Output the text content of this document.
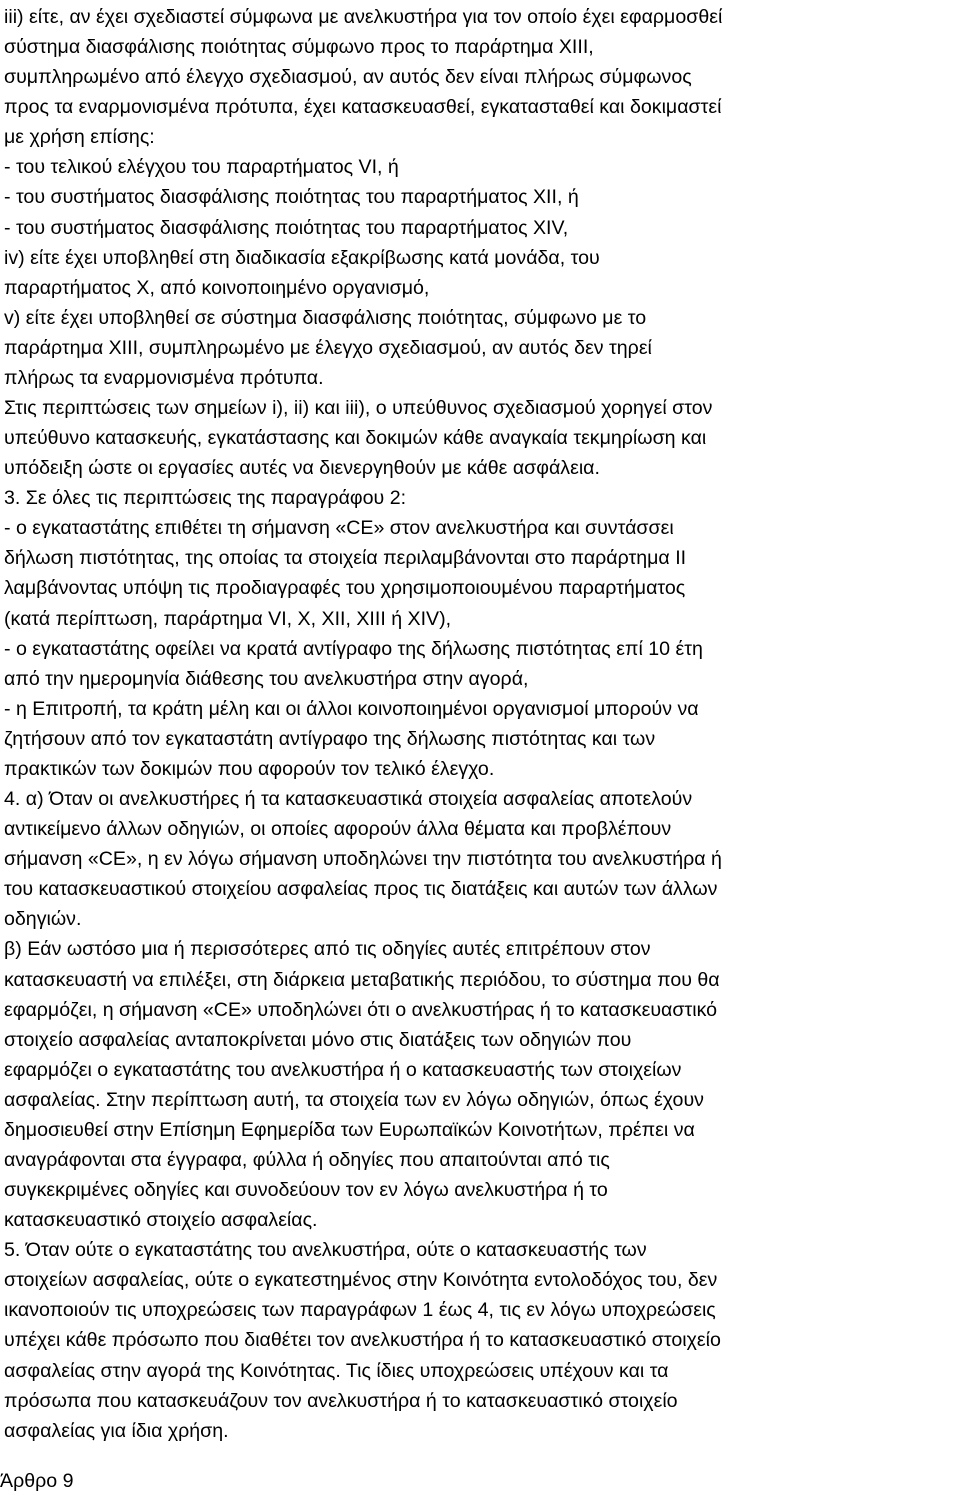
iii) είτε, αν έχει σχεδιαστεί σύμφωνα με ανελκυστήρα για τον οποίο έχει εφαρμοσθεί
σύστημα διασφάλισης ποιότητας σύμφωνο προς το παράρτημα XIII,
συμπληρωμένο από έλεγχο σχεδιασμού, αν αυτός δεν είναι πλήρως σύμφωνος
προς τα εναρμονισμένα πρότυπα, έχει κατασκευασθεί, εγκατασταθεί και δοκιμαστεί
με χρήση επίσης:
- του τελικού ελέγχου του παραρτήματος VI, ή
- του συστήματος διασφάλισης ποιότητας του παραρτήματος XII, ή
- του συστήματος διασφάλισης ποιότητας του παραρτήματος XIV,
iv) είτε έχει υποβληθεί στη διαδικασία εξακρίβωσης κατά μονάδα, του
παραρτήματος X, από κοινοποιημένο οργανισμό,
v) είτε έχει υποβληθεί σε σύστημα διασφάλισης ποιότητας, σύμφωνο με το
παράρτημα XIII, συμπληρωμένο με έλεγχο σχεδιασμού, αν αυτός δεν τηρεί
πλήρως τα εναρμονισμένα πρότυπα.
Στις περιπτώσεις των σημείων i), ii) και iii), ο υπεύθυνος σχεδιασμού χορηγεί στον
υπεύθυνο κατασκευής, εγκατάστασης και δοκιμών κάθε αναγκαία τεκμηρίωση και
υπόδειξη ώστε οι εργασίες αυτές να διενεργηθούν με κάθε ασφάλεια.
3. Σε όλες τις περιπτώσεις της παραγράφου 2:
- ο εγκαταστάτης επιθέτει τη σήμανση «CE» στον ανελκυστήρα και συντάσσει
δήλωση πιστότητας, της οποίας τα στοιχεία περιλαμβάνονται στο παράρτημα II
λαμβάνοντας υπόψη τις προδιαγραφές του χρησιμοποιουμένου παραρτήματος
(κατά περίπτωση, παράρτημα VI, X, XII, XIII ή XIV),
- ο εγκαταστάτης οφείλει να κρατά αντίγραφο της δήλωσης πιστότητας επί 10 έτη
από την ημερομηνία διάθεσης του ανελκυστήρα στην αγορά,
- η Επιτροπή, τα κράτη μέλη και οι άλλοι κοινοποιημένοι οργανισμοί μπορούν να
ζητήσουν από τον εγκαταστάτη αντίγραφο της δήλωσης πιστότητας και των
πρακτικών των δοκιμών που αφορούν τον τελικό έλεγχο.
4. α) Όταν οι ανελκυστήρες ή τα κατασκευαστικά στοιχεία ασφαλείας αποτελούν
αντικείμενο άλλων οδηγιών, οι οποίες αφορούν άλλα θέματα και προβλέπουν
σήμανση «CE», η εν λόγω σήμανση υποδηλώνει την πιστότητα του ανελκυστήρα ή
του κατασκευαστικού στοιχείου ασφαλείας προς τις διατάξεις και αυτών των άλλων
οδηγιών.
β) Εάν ωστόσο μια ή περισσότερες από τις οδηγίες αυτές επιτρέπουν στον
κατασκευαστή να επιλέξει, στη διάρκεια μεταβατικής περιόδου, το σύστημα που θα
εφαρμόζει, η σήμανση «CE» υποδηλώνει ότι ο ανελκυστήρας ή το κατασκευαστικό
στοιχείο ασφαλείας ανταποκρίνεται μόνο στις διατάξεις των οδηγιών που
εφαρμόζει ο εγκαταστάτης του ανελκυστήρα ή ο κατασκευαστής των στοιχείων
ασφαλείας. Στην περίπτωση αυτή, τα στοιχεία των εν λόγω οδηγιών, όπως έχουν
δημοσιευθεί στην Επίσημη Εφημερίδα των Ευρωπαϊκών Κοινοτήτων, πρέπει να
αναγράφονται στα έγγραφα, φύλλα ή οδηγίες που απαιτούνται από τις
συγκεκριμένες οδηγίες και συνοδεύουν τον εν λόγω ανελκυστήρα ή το
κατασκευαστικό στοιχείο ασφαλείας.
5. Όταν ούτε ο εγκαταστάτης του ανελκυστήρα, ούτε ο κατασκευαστής των
στοιχείων ασφαλείας, ούτε ο εγκατεστημένος στην Κοινότητα εντολοδόχος του, δεν
ικανοποιούν τις υποχρεώσεις των παραγράφων 1 έως 4, τις εν λόγω υποχρεώσεις
υπέχει κάθε πρόσωπο που διαθέτει τον ανελκυστήρα ή το κατασκευαστικό στοιχείο
ασφαλείας στην αγορά της Κοινότητας. Τις ίδιες υποχρεώσεις υπέχουν και τα
πρόσωπα που κατασκευάζουν τον ανελκυστήρα ή το κατασκευαστικό στοιχείο
ασφαλείας για ίδια χρήση.
Άρθρο 9
